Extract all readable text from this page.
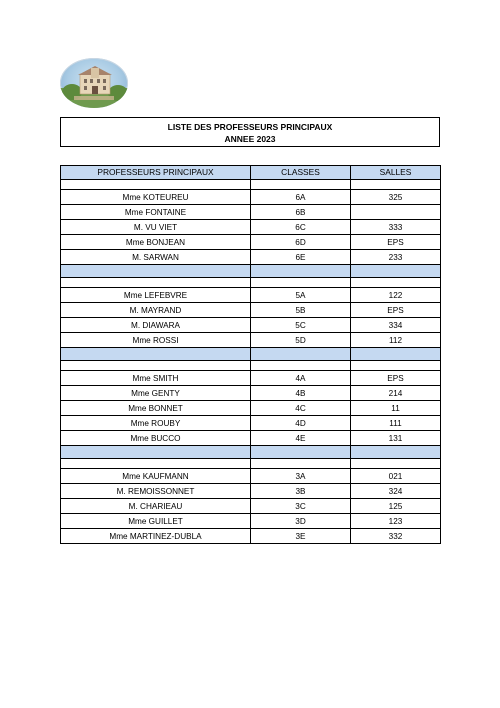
LISTE DES PROFESSEURS PRINCIPAUX
ANNEE 2023
PROFESSEURS PRINCIPAUX	CLASSES	SALLES

Mme KOTEUREU	6A	325
Mme FONTAINE	6B	
M. VU VIET	6C	333
Mme BONJEAN	6D	EPS
M. SARWAN	6E	233

Mme LEFEBVRE	5A	122
M. MAYRAND	5B	EPS
M. DIAWARA	5C	334
Mme ROSSI	5D	112

Mme SMITH	4A	EPS
Mme GENTY	4B	214
Mme BONNET	4C	11
Mme ROUBY	4D	111
Mme BUCCO	4E	131

Mme KAUFMANN	3A	021
M. REMOISSONNET	3B	324
M. CHARIEAU	3C	125
Mme GUILLET	3D	123
Mme MARTINEZ-DUBLA	3E	332
